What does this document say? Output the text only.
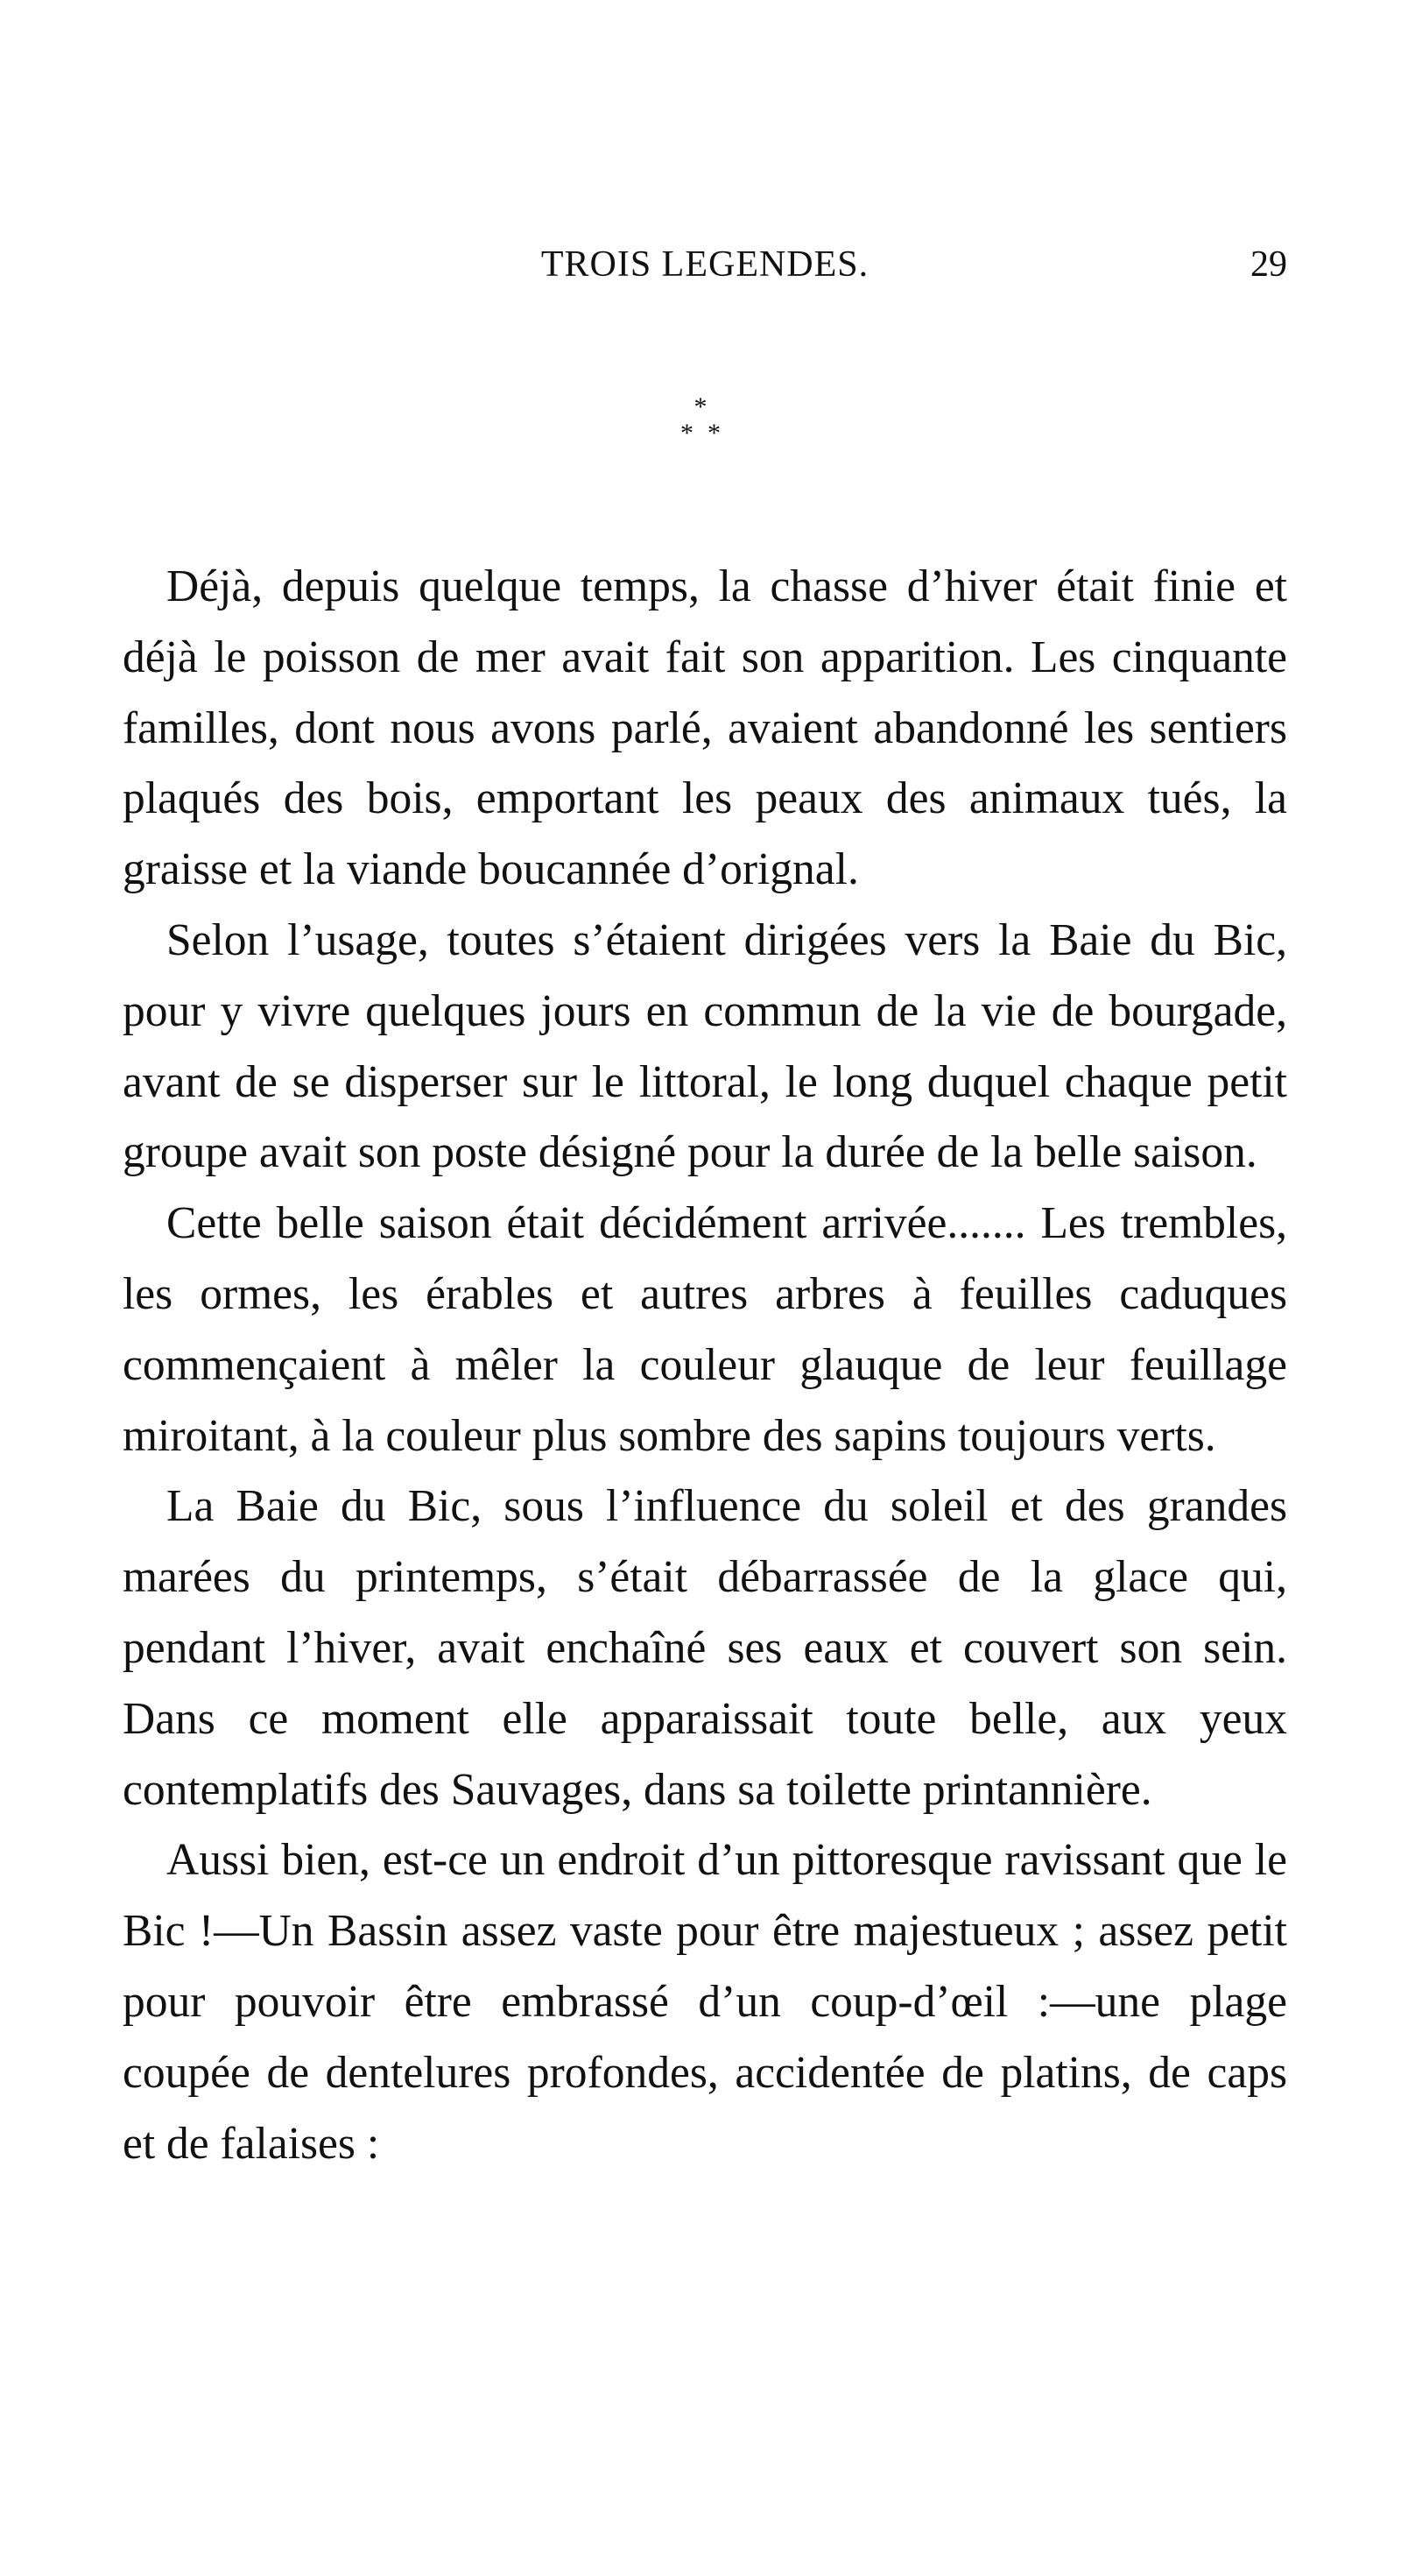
TROIS LEGENDES.	29
*
**

Déjà, depuis quelque temps, la chasse d’hiver était finie et déjà le poisson de mer avait fait son apparition. Les cinquante familles, dont nous avons parlé, avaient abandonné les sentiers plaqués des bois, emportant les peaux des animaux tués, la graisse et la viande boucannée d’orignal.

Selon l’usage, toutes s’étaient dirigées vers la Baie du Bic, pour y vivre quelques jours en commun de la vie de bourgade, avant de se disperser sur le littoral, le long duquel chaque petit groupe avait son poste désigné pour la durée de la belle saison.

Cette belle saison était décidément arrivée....... Les trembles, les ormes, les érables et autres arbres à feuilles caduques commençaient à mêler la couleur glauque de leur feuillage miroitant, à la couleur plus sombre des sapins toujours verts.

La Baie du Bic, sous l’influence du soleil et des grandes marées du printemps, s’était débarrassée de la glace qui, pendant l’hiver, avait enchaîné ses eaux et couvert son sein. Dans ce moment elle apparaissait toute belle, aux yeux contemplatifs des Sauvages, dans sa toilette printannière.

Aussi bien, est-ce un endroit d’un pittoresque ravissant que le Bic !—Un Bassin assez vaste pour être majestueux ; assez petit pour pouvoir être embrassé d’un coup-d’œil :—une plage coupée de dentelures profondes, accidentée de platins, de caps et de falaises :
